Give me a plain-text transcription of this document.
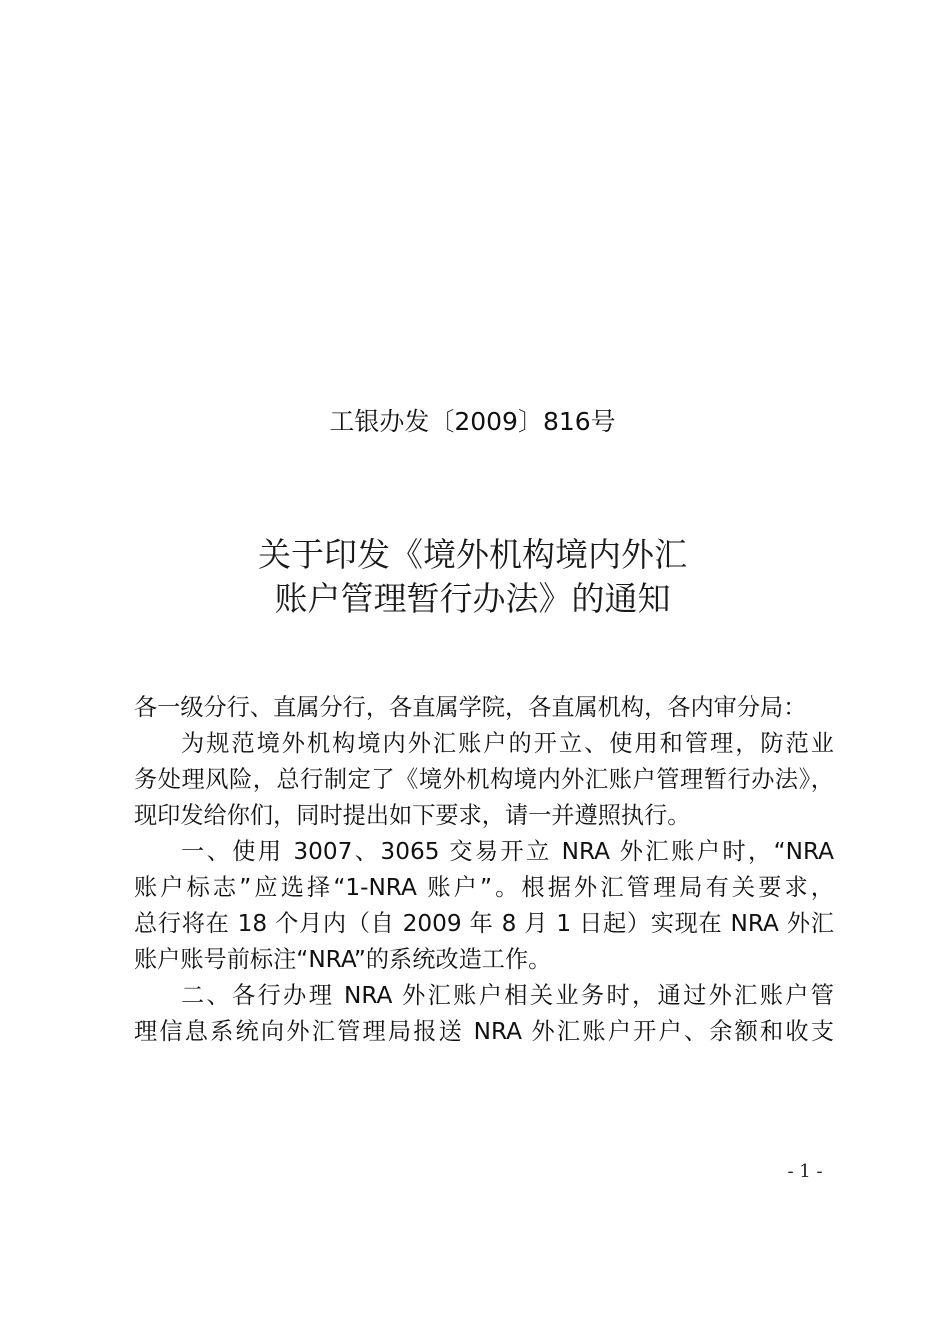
工银办发〔2009〕816号
关于印发《境外机构境内外汇
账户管理暂行办法》的通知
各一级分行、直属分行，各直属学院，各直属机构，各内审分局：
为规范境外机构境内外汇账户的开立、使用和管理，防范业
务处理风险，总行制定了《境外机构境内外汇账户管理暂行办法》，
现印发给你们，同时提出如下要求，请一并遵照执行。
一、使用 3007、3065 交易开立 NRA 外汇账户时，“NRA
账户标志”应选择“1-NRA 账户”。根据外汇管理局有关要求，
总行将在 18 个月内（自 2009 年 8 月 1 日起）实现在 NRA 外汇
账户账号前标注“NRA”的系统改造工作。
二、各行办理 NRA 外汇账户相关业务时，通过外汇账户管
理信息系统向外汇管理局报送 NRA 外汇账户开户、余额和收支
- 1 -
